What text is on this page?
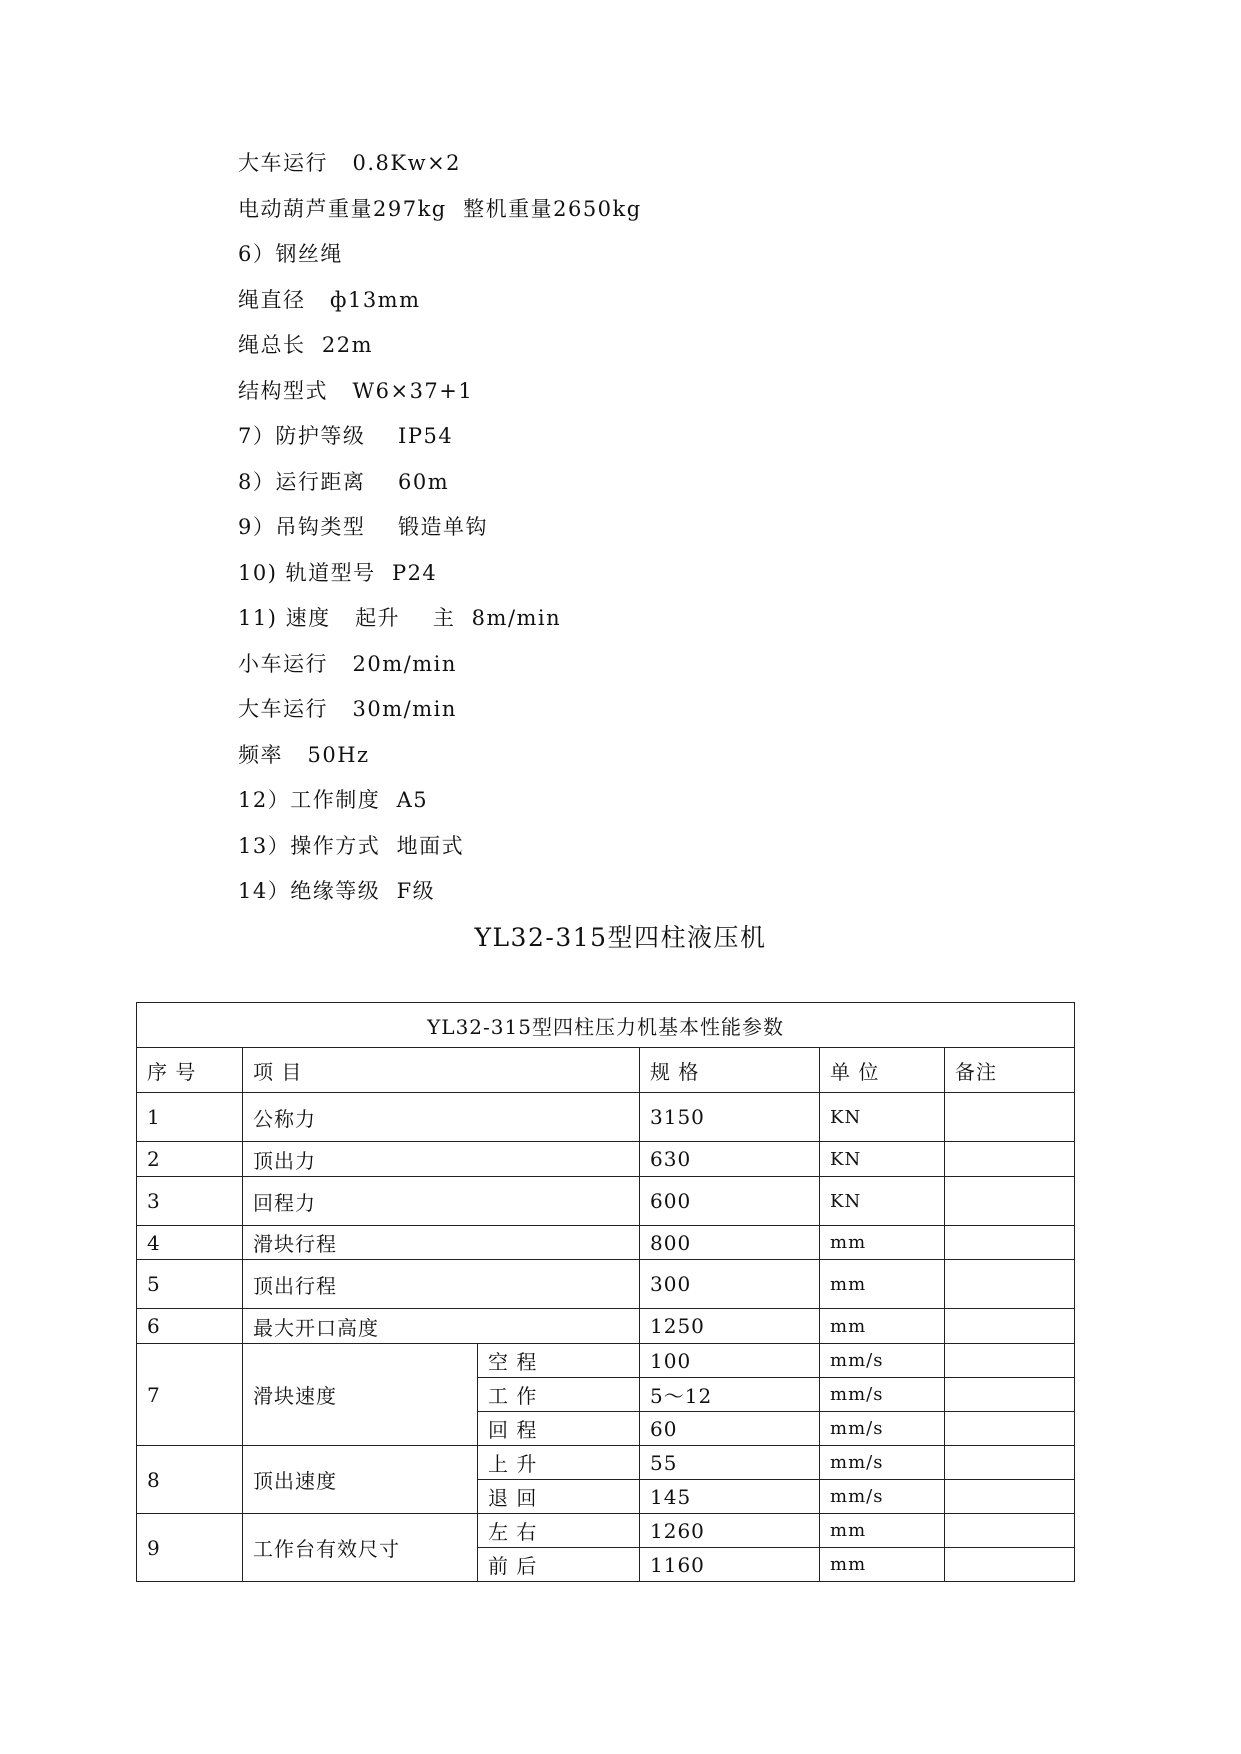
大车运行   0.8Kw×2
电动葫芦重量297kg  整机重量2650kg
6）钢丝绳
绳直径   ф13mm
绳总长  22m
结构型式   W6×37+1
7）防护等级    IP54
8）运行距离    60m
9）吊钩类型    锻造单钩
10) 轨道型号  P24
11) 速度   起升    主  8m/min
小车运行   20m/min
大车运行   30m/min
频率   50Hz
12）工作制度  A5
13）操作方式  地面式
14）绝缘等级  F级
YL32-315型四柱液压机
YL32-315型四柱压力机基本性能参数					
序 号	项 目		规 格	单 位	备注
1	公称力		3150	KN	
2	顶出力		630	KN	
3	回程力		600	KN	
4	滑块行程		800	mm	
5	顶出行程		300	mm	
6	最大开口高度		1250	mm	
7	滑块速度	空 程	100	mm/s	
		工 作	5～12	mm/s	
		回 程	60	mm/s	
8	顶出速度	上 升	55	mm/s	
		退 回	145	mm/s	
9	工作台有效尺寸	左 右	1260	mm	
		前 后	1160	mm	
